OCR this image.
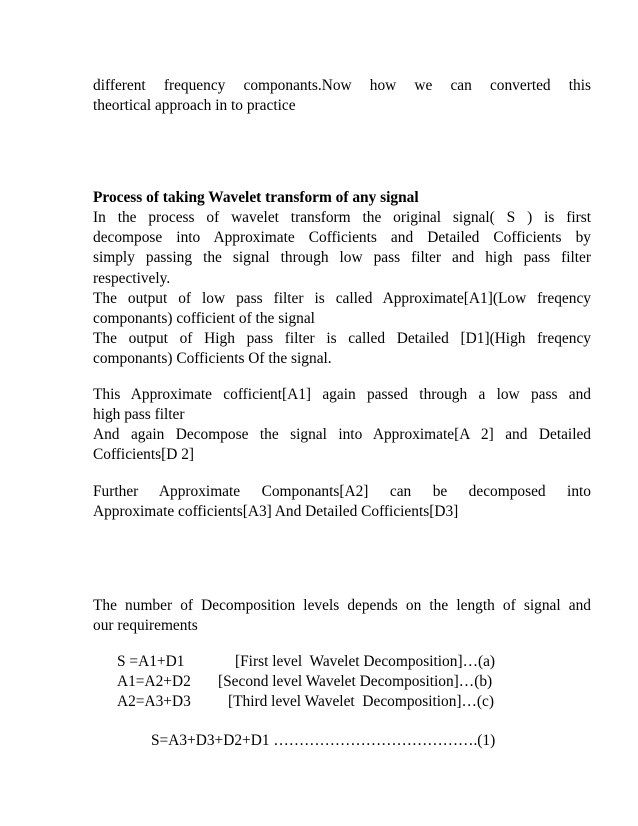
different frequency componants.Now how we can converted this
theortical approach in to practice
Process of taking Wavelet transform of any signal
In the process of wavelet transform the original signal( S ) is first
decompose into Approximate Cofficients and Detailed Cofficients by
simply passing the signal through low pass filter and high pass filter
respectively.
The output of low pass filter is called Approximate[A1](Low freqency
componants) cofficient of the signal
The output of High pass filter is called Detailed [D1](High freqency
componants) Cofficients Of the signal.
This Approximate cofficient[A1] again passed through a low pass and
high pass filter
And again Decompose the signal into Approximate[A 2] and Detailed
Cofficients[D 2]
Further Approximate Componants[A2] can be decomposed into
Approximate cofficients[A3] And Detailed Cofficients[D3]
The number of Decomposition levels depends on the length of signal and
our requirements
S =A1+D1	[First level  Wavelet Decomposition]…(a)
A1=A2+D2 [Second level Wavelet Decomposition]…(b)
A2=A3+D3 [Third level Wavelet  Decomposition]…(c)
S=A3+D3+D2+D1 ………………………………….(1)
